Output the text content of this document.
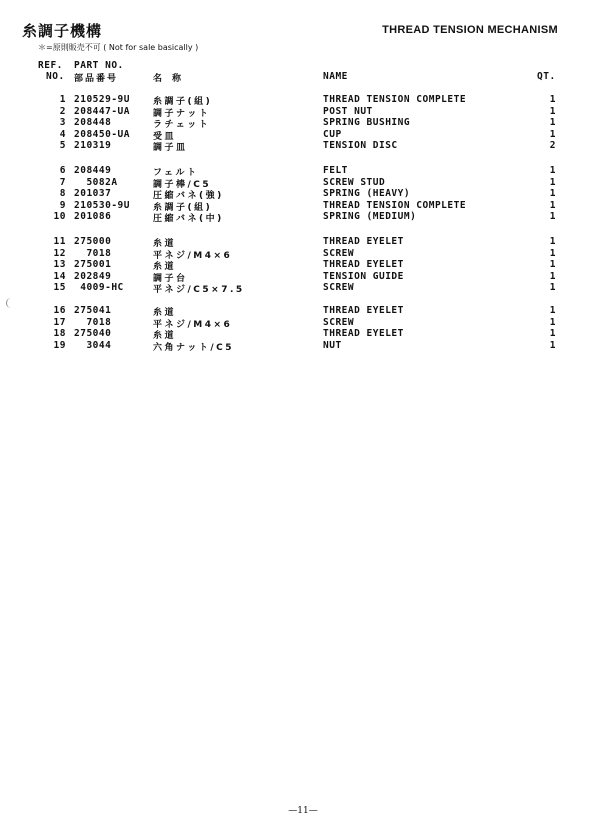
糸調子機構	THREAD TENSION MECHANISM
＊=原則販売不可 ( Not for sale basically )
REF.
NO.
PART NO.
部品番号	名　称	NAME	QT.
1 210529-9U	糸調子(組)	THREAD TENSION COMPLETE	1
2 208447-UA	調子ナット	POST NUT	1
3 208448	ラチェット	SPRING BUSHING	1
4 208450-UA	受皿	CUP	1
5 210319	調子皿	TENSION DISC	2
6 208449	フェルト	FELT	1
7 5082A	調子棒/C5	SCREW STUD	1
8 201037	圧縮バネ(強)	SPRING (HEAVY)	1
9 210530-9U	糸調子(組)	THREAD TENSION COMPLETE	1
10 201086	圧縮バネ(中)	SPRING (MEDIUM)	1
11 275000	糸道	THREAD EYELET	1
12 7018	平ネジ/M4×6	SCREW	1
13 275001	糸道	THREAD EYELET	1
14 202849	調子台	TENSION GUIDE	1
15 4009-HC	平ネジ/C5×7.5	SCREW	1
16 275041	糸道	THREAD EYELET	1
17 7018	平ネジ/M4×6	SCREW	1
18 275040	糸道	THREAD EYELET	1
19 3044	六角ナット/C5	NUT	1
—11—
